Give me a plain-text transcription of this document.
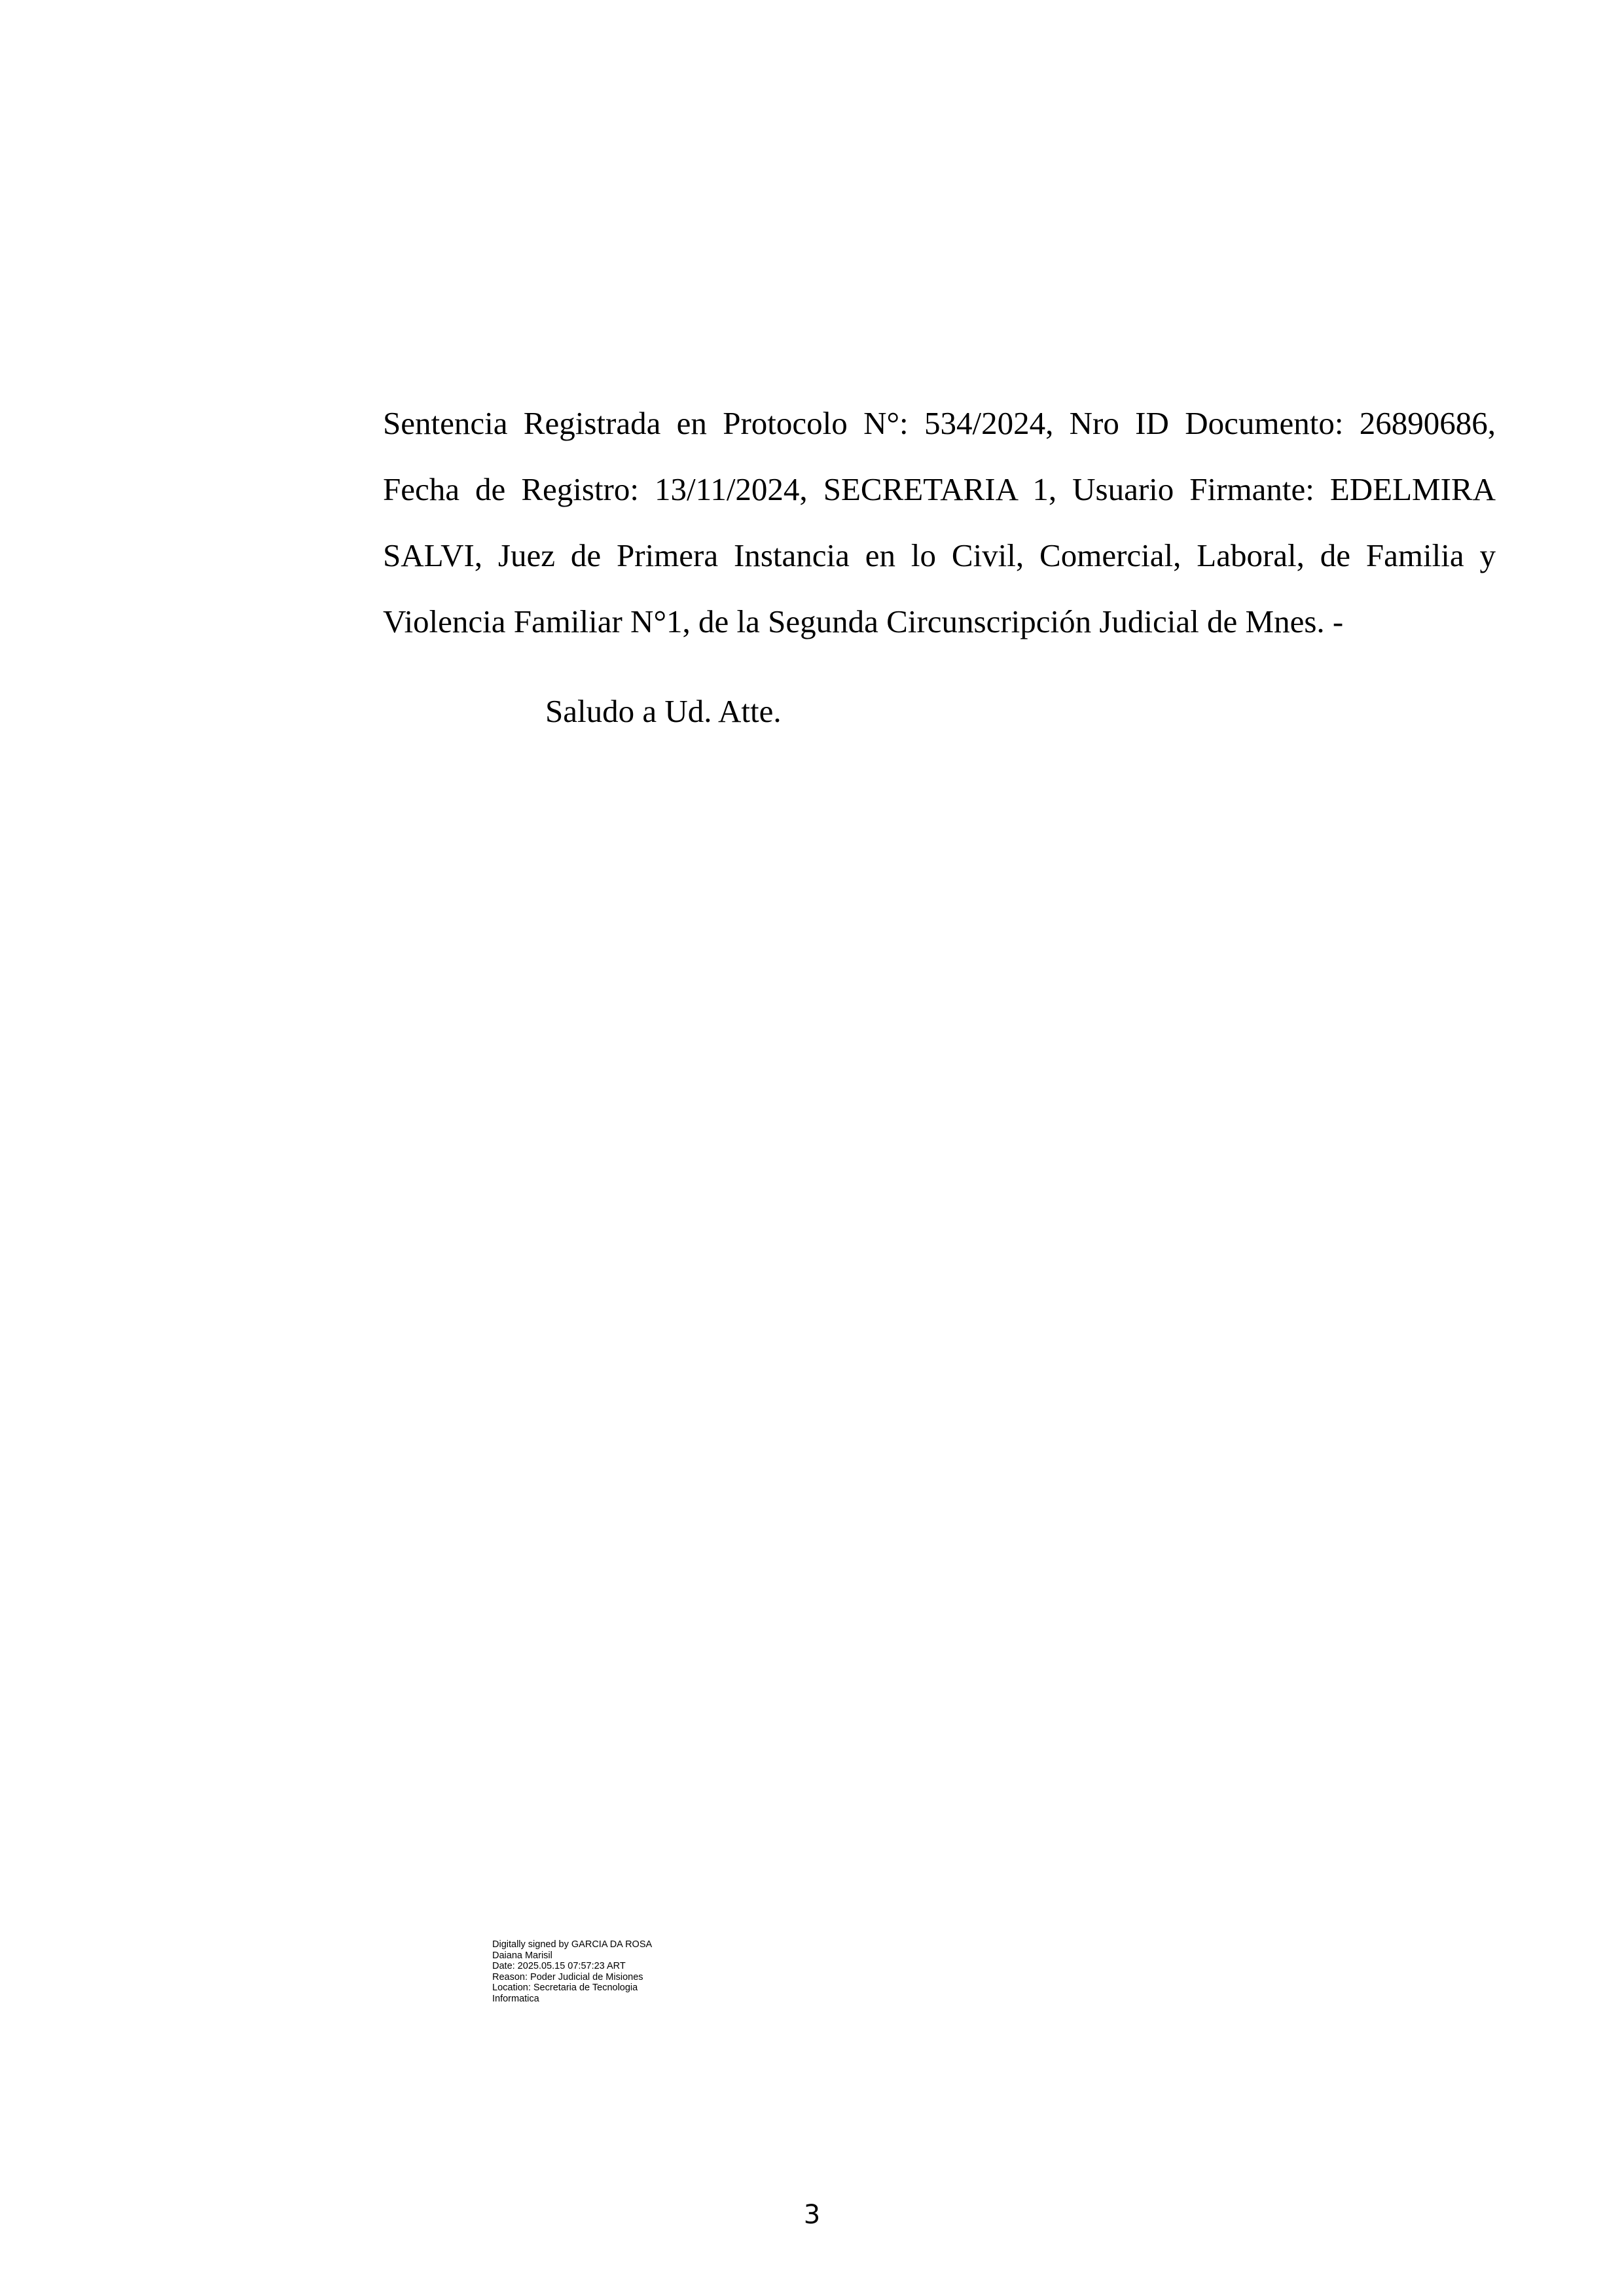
Sentencia Registrada en Protocolo N°: 534/2024, Nro ID Documento: 26890686,
Fecha de Registro: 13/11/2024, SECRETARIA 1, Usuario Firmante: EDELMIRA
SALVI, Juez de Primera Instancia en lo Civil, Comercial, Laboral, de Familia y
Violencia Familiar N°1, de la Segunda Circunscripción Judicial de Mnes. -
Saludo a Ud. Atte.
Digitally signed by GARCIA DA ROSA
Daiana Marisil
Date: 2025.05.15 07:57:23 ART
Reason: Poder Judicial de Misiones
Location: Secretaria de Tecnologia
Informatica
3
